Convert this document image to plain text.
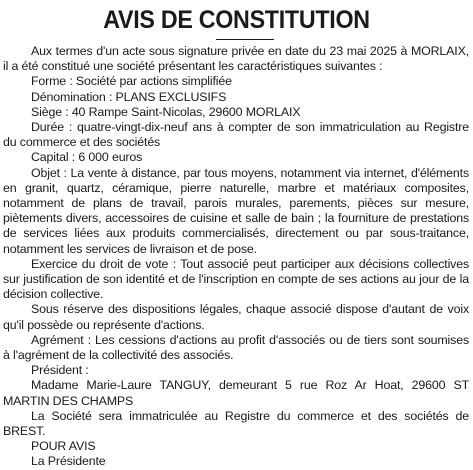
AVIS DE CONSTITUTION

Aux termes d'un acte sous signature privée en date du 23 mai 2025 à MORLAIX, il a été constitué une société présentant les caractéristiques suivantes :

Forme : Société par actions simplifiée

Dénomination : PLANS EXCLUSIFS

Siège : 40 Rampe Saint-Nicolas, 29600 MORLAIX

Durée : quatre-vingt-dix-neuf ans à compter de son immatriculation au Registre du commerce et des sociétés

Capital : 6 000 euros

Objet : La vente à distance, par tous moyens, notamment via internet, d'éléments en granit, quartz, céramique, pierre naturelle, marbre et matériaux composites, notamment de plans de travail, parois murales, parements, pièces sur mesure, piètements divers, accessoires de cuisine et salle de bain ; la fourniture de prestations de services liées aux produits commercialisés, directement ou par sous-traitance, notamment les services de livraison et de pose.

Exercice du droit de vote : Tout associé peut participer aux décisions collectives sur justification de son identité et de l'inscription en compte de ses actions au jour de la décision collective.

Sous réserve des dispositions légales, chaque associé dispose d'autant de voix qu'il possède ou représente d'actions.

Agrément : Les cessions d'actions au profit d'associés ou de tiers sont soumises à l'agrément de la collectivité des associés.

Président :

Madame Marie-Laure TANGUY, demeurant 5 rue Roz Ar Hoat, 29600 ST MARTIN DES CHAMPS

La Société sera immatriculée au Registre du commerce et des sociétés de BREST.

POUR AVIS

La Présidente
